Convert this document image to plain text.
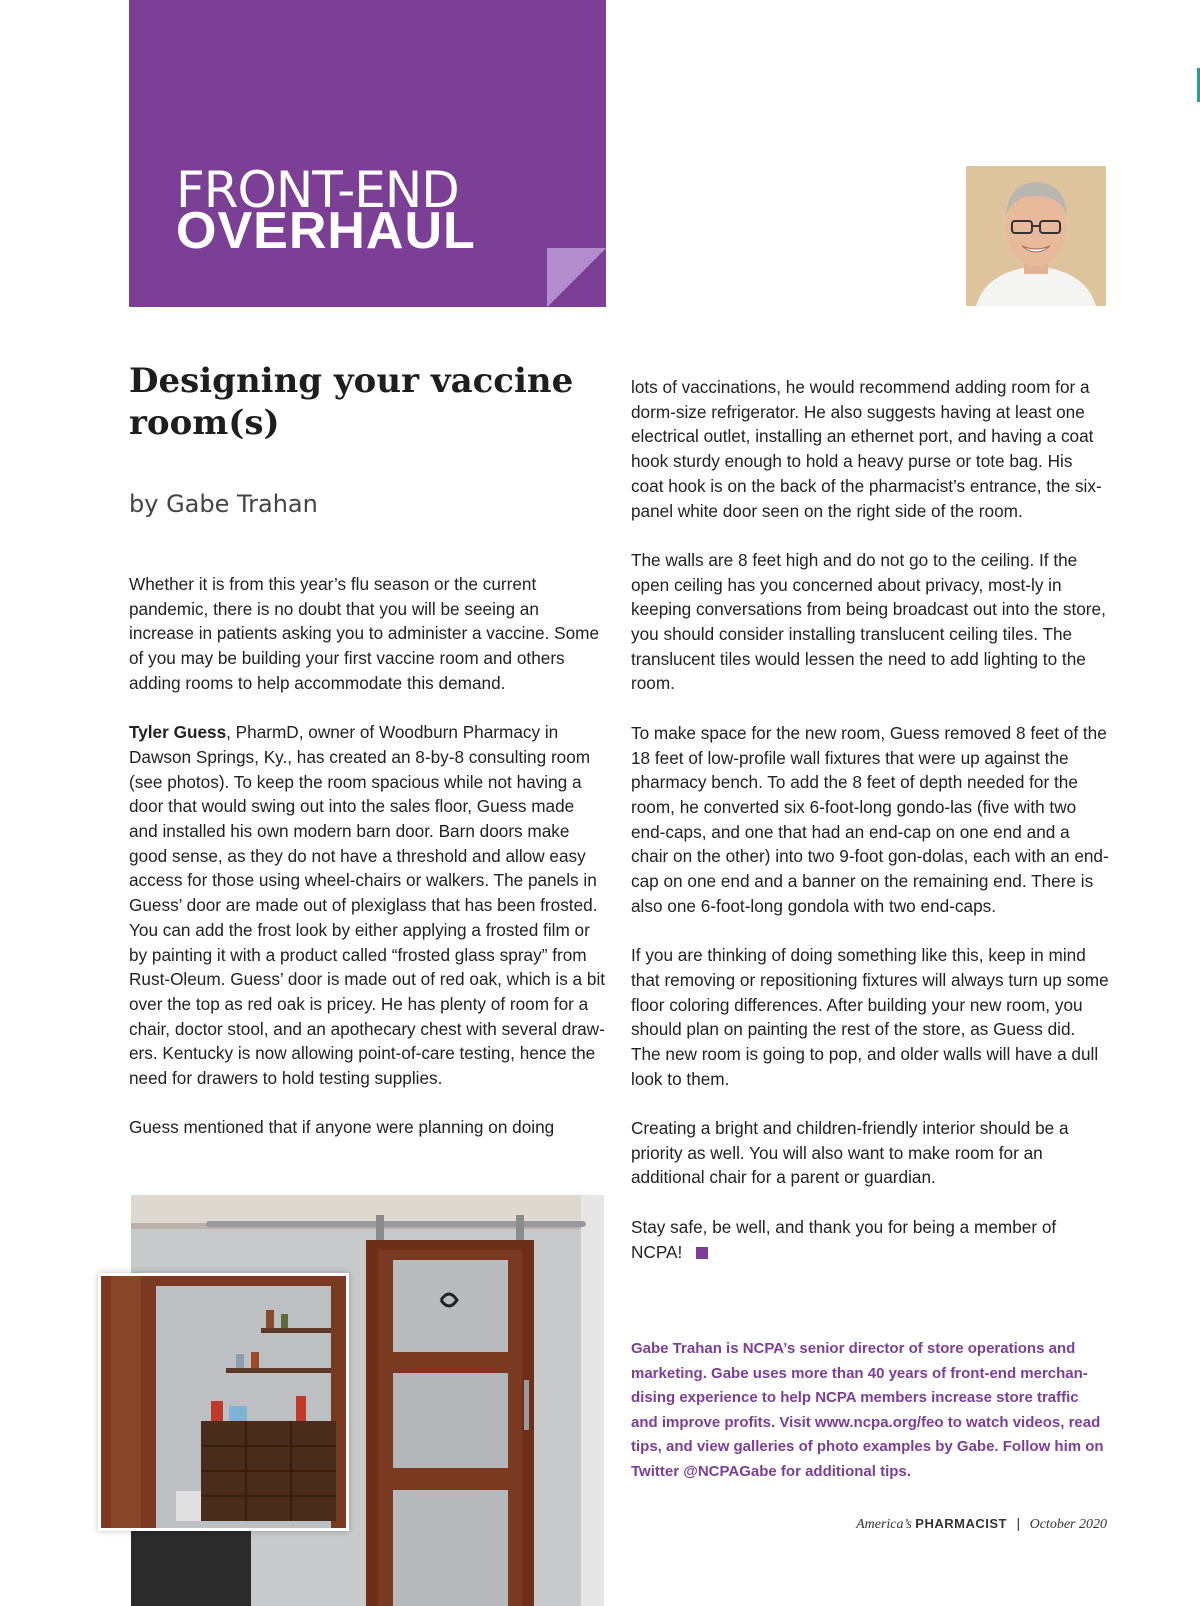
FRONT-END
OVERHAUL
Designing your vaccine room(s)
by Gabe Trahan

Whether it is from this year’s flu season or the current pandemic, there is no doubt that you will be seeing an increase in patients asking you to administer a vaccine. Some of you may be building your first vaccine room and others adding rooms to help accommodate this demand.

Tyler Guess, PharmD, owner of Woodburn Pharmacy in Dawson Springs, Ky., has created an 8-by-8 consulting room (see photos). To keep the room spacious while not having a door that would swing out into the sales floor, Guess made and installed his own modern barn door. Barn doors make good sense, as they do not have a threshold and allow easy access for those using wheel-chairs or walkers. The panels in Guess’ door are made out of plexiglass that has been frosted. You can add the frost look by either applying a frosted film or by painting it with a product called “frosted glass spray” from Rust-Oleum. Guess’ door is made out of red oak, which is a bit over the top as red oak is pricey. He has plenty of room for a chair, doctor stool, and an apothecary chest with several draw-ers. Kentucky is now allowing point-of-care testing, hence the need for drawers to hold testing supplies.

Guess mentioned that if anyone were planning on doing

lots of vaccinations, he would recommend adding room for a dorm-size refrigerator. He also suggests having at least one electrical outlet, installing an ethernet port, and having a coat hook sturdy enough to hold a heavy purse or tote bag. His coat hook is on the back of the pharmacist’s entrance, the six-panel white door seen on the right side of the room.

The walls are 8 feet high and do not go to the ceiling. If the open ceiling has you concerned about privacy, most-ly in keeping conversations from being broadcast out into the store, you should consider installing translucent ceiling tiles. The translucent tiles would lessen the need to add lighting to the room.

To make space for the new room, Guess removed 8 feet of the 18 feet of low-profile wall fixtures that were up against the pharmacy bench. To add the 8 feet of depth needed for the room, he converted six 6-foot-long gondo-las (five with two end-caps, and one that had an end-cap on one end and a chair on the other) into two 9-foot gon-dolas, each with an end-cap on one end and a banner on the remaining end. There is also one 6-foot-long gondola with two end-caps.

If you are thinking of doing something like this, keep in mind that removing or repositioning fixtures will always turn up some floor coloring differences. After building your new room, you should plan on painting the rest of the store, as Guess did. The new room is going to pop, and older walls will have a dull look to them.

Creating a bright and children-friendly interior should be a priority as well. You will also want to make room for an additional chair for a parent or guardian.

Stay safe, be well, and thank you for being a member of NCPA!

Gabe Trahan is NCPA’s senior director of store operations and marketing. Gabe uses more than 40 years of front-end merchan-dising experience to help NCPA members increase store traffic and improve profits. Visit www.ncpa.org/feo to watch videos, read tips, and view galleries of photo examples by Gabe. Follow him on Twitter @NCPAGabe for additional tips.
America’s PHARMACIST | October 2020
